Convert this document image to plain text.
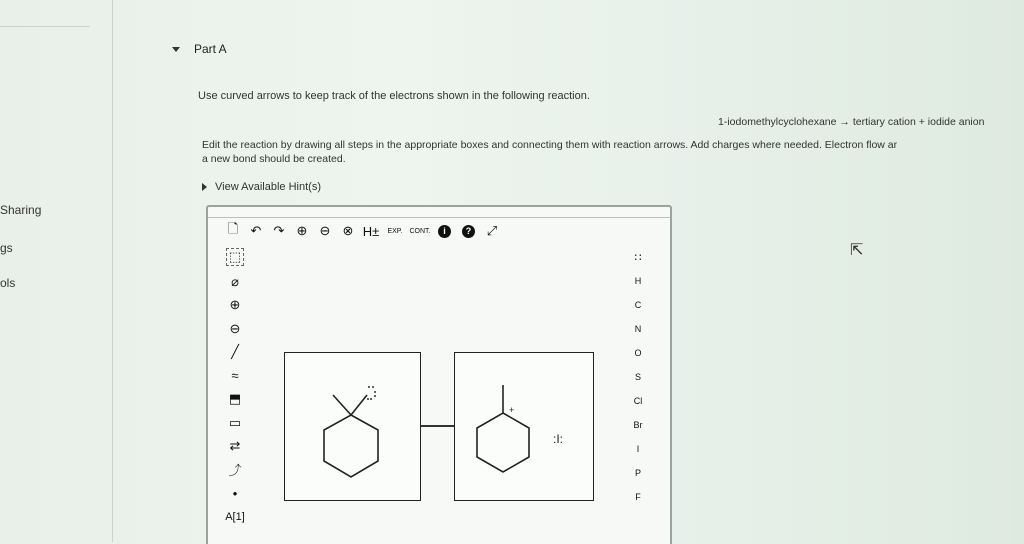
Sharing
gs
ols
Part A
Use curved arrows to keep track of the electrons shown in the following reaction.
1-iodomethylcyclohexane → tertiary cation + iodide anion
Edit the reaction by drawing all steps in the appropriate boxes and connecting them with reaction arrows. Add charges where needed. Electron flow ar
a new bond should be created.
View Available Hint(s)
🗋 ↶ ↷ ⊕ ⊖ ⊗ H±	EXP. CONT.	i	? ⤢
⬚
⌀
⊕
⊖
╱
≈
⬒
▭
⇄
⤴
•
A[1]
∷
H
C
N
O
S
Cl
Br
I
P
F
+
:I:
⇱
